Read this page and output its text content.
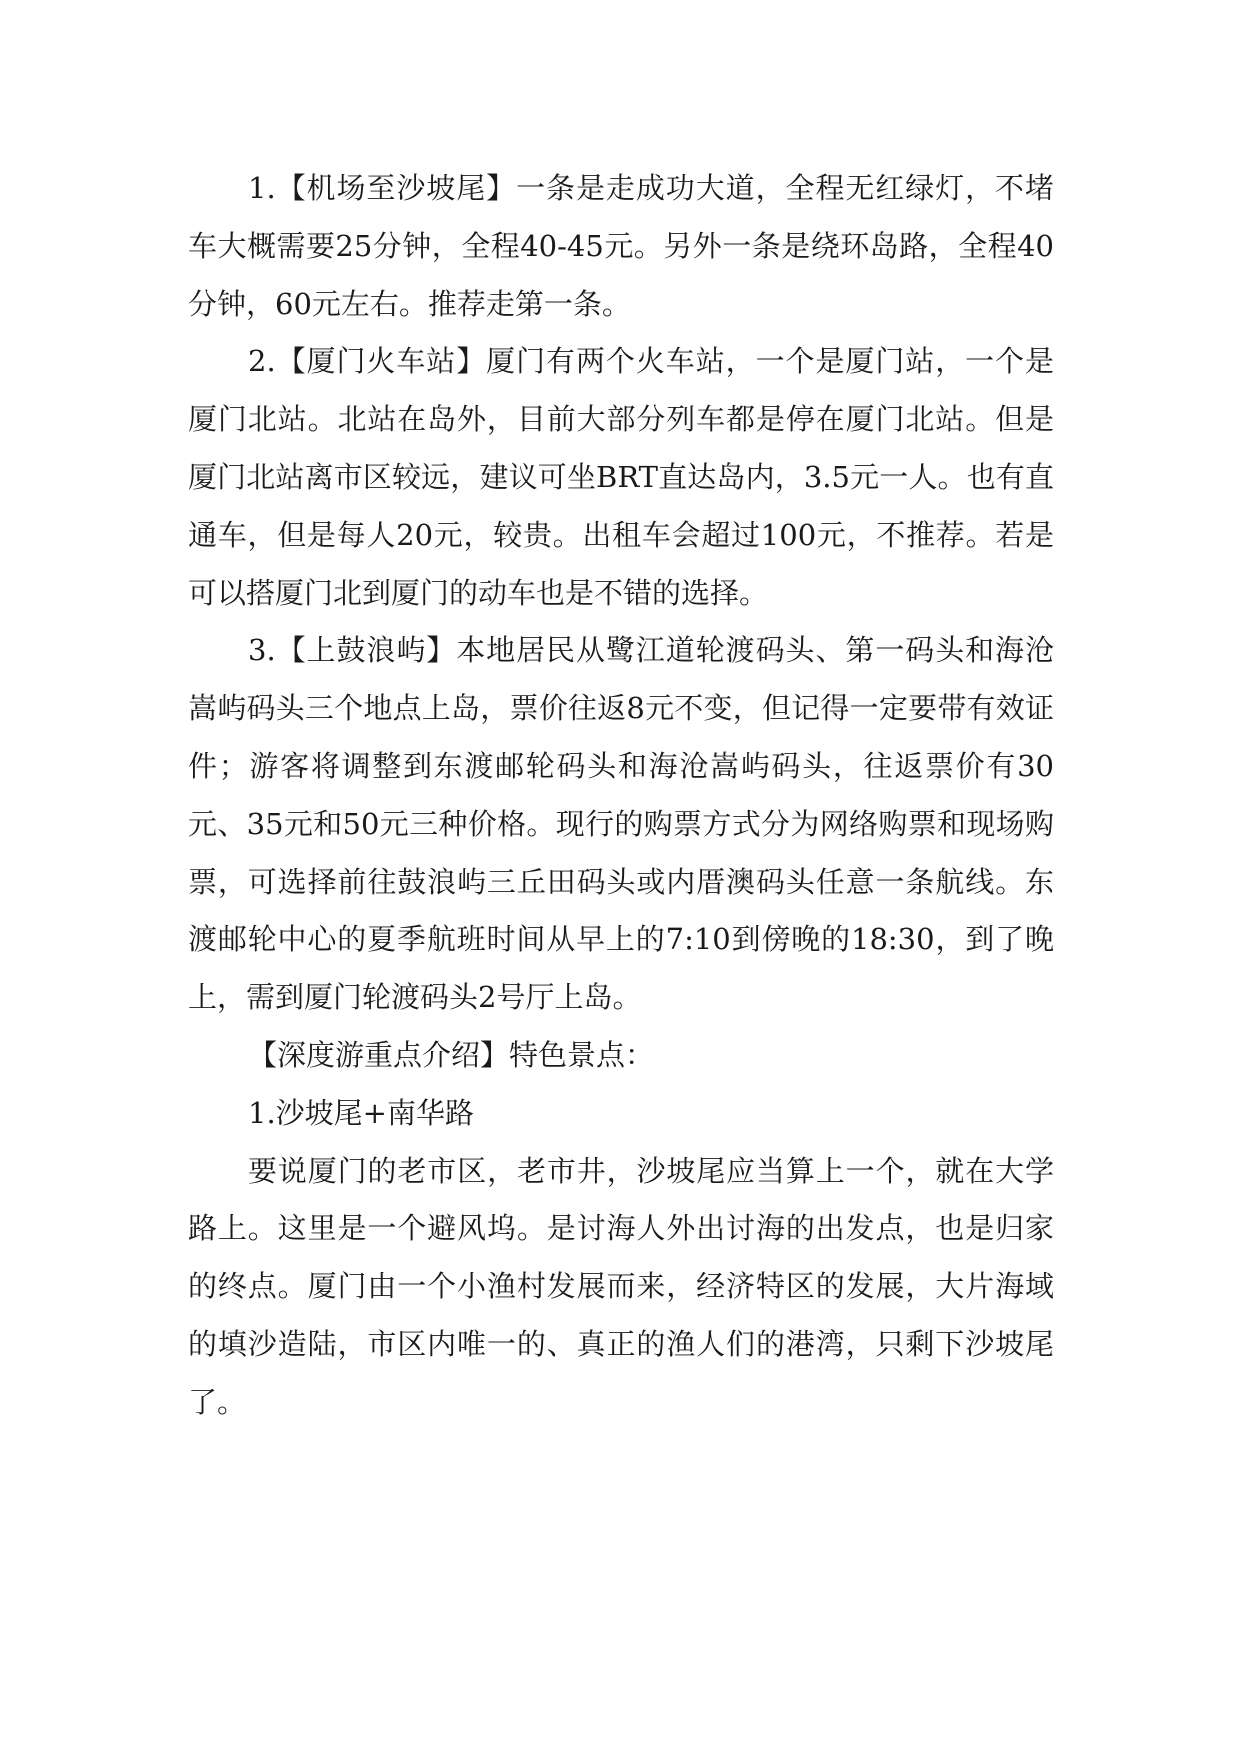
1.【机场至沙坡尾】一条是走成功大道，全程无红绿灯，不堵车大概需要25分钟，全程40-45元。另外一条是绕环岛路，全程40分钟，60元左右。推荐走第一条。

2.【厦门火车站】厦门有两个火车站，一个是厦门站，一个是厦门北站。北站在岛外，目前大部分列车都是停在厦门北站。但是厦门北站离市区较远，建议可坐BRT直达岛内，3.5元一人。也有直通车，但是每人20元，较贵。出租车会超过100元，不推荐。若是可以搭厦门北到厦门的动车也是不错的选择。

3.【上鼓浪屿】本地居民从鹭江道轮渡码头、第一码头和海沧嵩屿码头三个地点上岛，票价往返8元不变，但记得一定要带有效证件；游客将调整到东渡邮轮码头和海沧嵩屿码头，往返票价有30元、35元和50元三种价格。现行的购票方式分为网络购票和现场购票，可选择前往鼓浪屿三丘田码头或内厝澳码头任意一条航线。东渡邮轮中心的夏季航班时间从早上的7:10到傍晚的18:30，到了晚上，需到厦门轮渡码头2号厅上岛。

【深度游重点介绍】特色景点：

1.沙坡尾+南华路

要说厦门的老市区，老市井，沙坡尾应当算上一个，就在大学路上。这里是一个避风坞。是讨海人外出讨海的出发点，也是归家的终点。厦门由一个小渔村发展而来，经济特区的发展，大片海域的填沙造陆，市区内唯一的、真正的渔人们的港湾，只剩下沙坡尾了。
